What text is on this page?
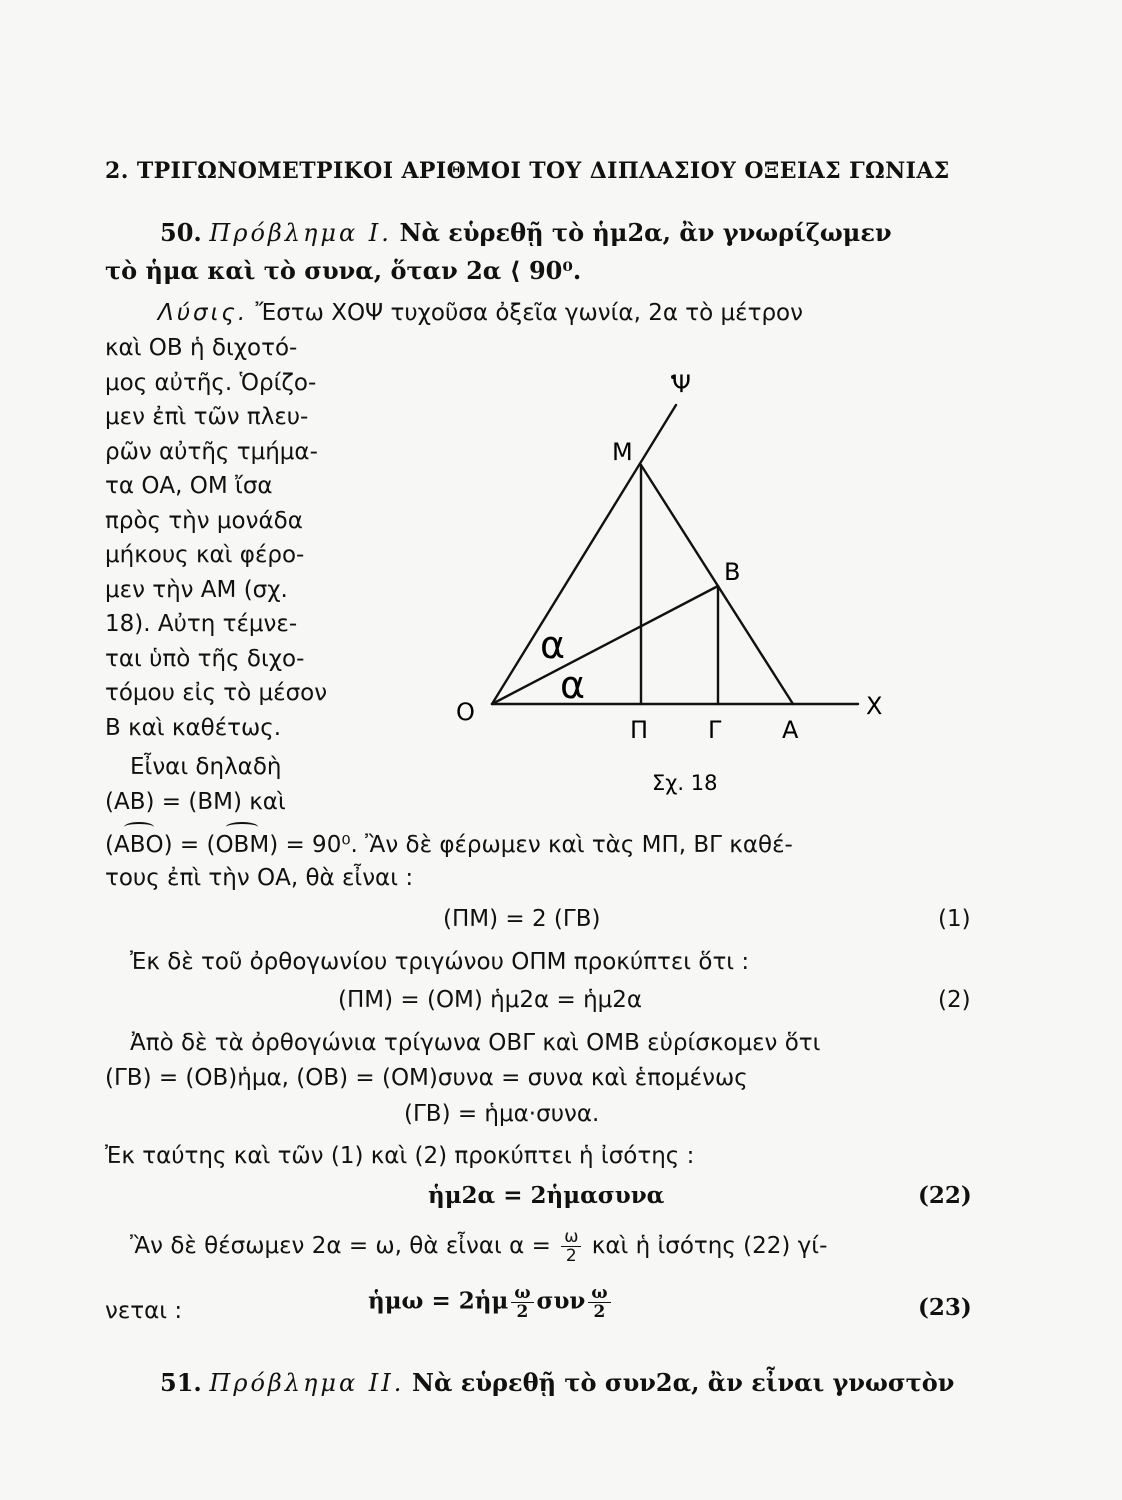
2. ΤΡΙΓΩΝΟΜΕΤΡΙΚΟΙ ΑΡΙΘΜΟΙ ΤΟΥ ΔΙΠΛΑΣΙΟΥ ΟΞΕΙΑΣ ΓΩΝΙΑΣ
50. Πρόβλημα Ι. Νὰ εὑρεθῇ τὸ ἡμ2α, ἂν γνωρίζωμεν
τὸ ἡμα καὶ τὸ συνα, ὅταν 2α ⟨ 90⁰.
Λύσις. Ἔστω ΧΟΨ τυχοῦσα ὀξεῖα γωνία, 2α τὸ μέτρον
καὶ ΟΒ ἡ διχοτό-
μος αὐτῆς. Ὁρίζο-
μεν ἐπὶ τῶν πλευ-
ρῶν αὐτῆς τμήμα-
τα ΟΑ, ΟΜ ἴσα
πρὸς τὴν μονάδα
μήκους καὶ φέρο-
μεν τὴν ΑΜ (σχ.
18). Αὐτη τέμνε-
ται ὑπὸ τῆς διχο-
τόμου εἰς τὸ μέσον
Β καὶ καθέτως.
Εἶναι δηλαδὴ
(ΑΒ) = (ΒΜ) καὶ
Ψ
Μ
Β
Ο	Χ
Π Γ	Α
α
α
Σχ. 18
(ΑΒΟ) = (ΟΒΜ) = 90⁰. Ἂν δὲ φέρωμεν καὶ τὰς ΜΠ, ΒΓ καθέ-
τους ἐπὶ τὴν ΟΑ, θὰ εἶναι :
(ΠΜ) = 2 (ΓΒ)	(1)
Ἐκ δὲ τοῦ ὀρθογωνίου τριγώνου ΟΠΜ προκύπτει ὅτι :
(ΠΜ) = (ΟΜ) ἡμ2α = ἡμ2α	(2)
Ἀπὸ δὲ τὰ ὀρθογώνια τρίγωνα ΟΒΓ καὶ ΟΜΒ εὑρίσκομεν ὅτι
(ΓΒ) = (ΟΒ)ἡμα, (ΟΒ) = (ΟΜ)συνα = συνα καὶ ἑπομένως
(ΓΒ) = ἡμα·συνα.
Ἐκ ταύτης καὶ τῶν (1) καὶ (2) προκύπτει ἡ ἰσότης :
ἡμ2α = 2ἡμασυνα	(22)
Ἂν δὲ θέσωμεν 2α = ω, θὰ εἶναι $\alpha = \frac{\omega}{2}$ καὶ ἡ ἰσότης (22) γί-
νεται :	ἡμω = 2ἡμ $\frac{\omega}{2}$ συν $\frac{\omega}{2}$	(23)
51. Πρόβλημα ΙΙ. Νὰ εὑρεθῇ τὸ συν2α, ἂν εἶναι γνωστὸν
